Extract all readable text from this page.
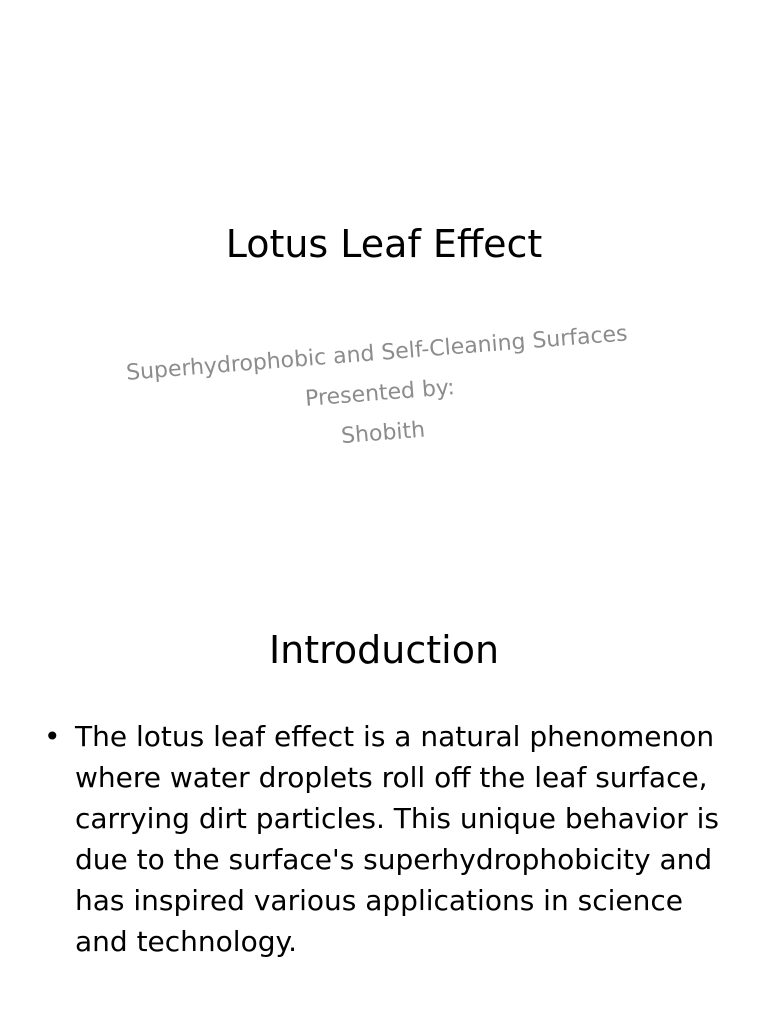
Lotus Leaf Effect
Superhydrophobic and Self-Cleaning Surfaces
Presented by:
Shobith
Introduction
• The lotus leaf effect is a natural phenomenon where water droplets roll off the leaf surface, carrying dirt particles. This unique behavior is due to the surface's superhydrophobicity and has inspired various applications in science and technology.
